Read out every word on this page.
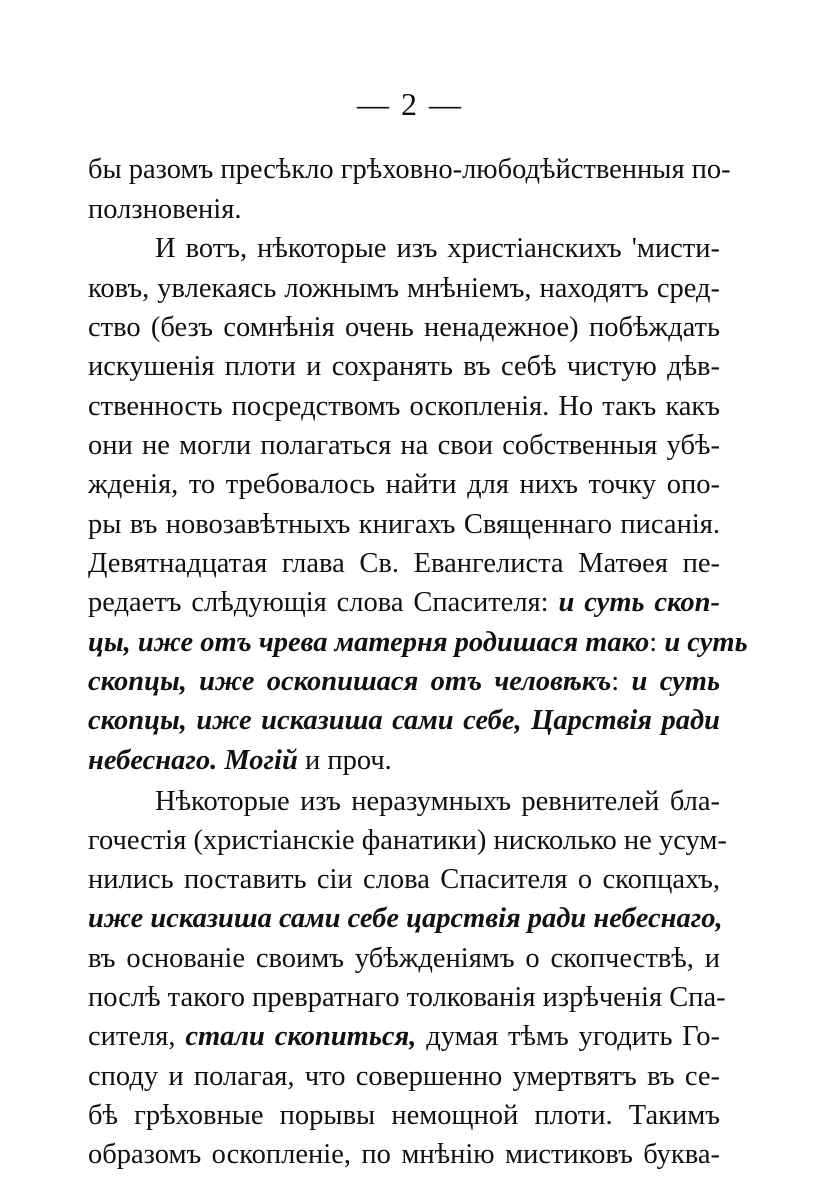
— 2 —
бы разомъ пресѣкло грѣховно-любодѣйственныя по-
ползновенія.
И вотъ, нѣкоторые изъ христіанскихъ 'мисти-
ковъ, увлекаясь ложнымъ мнѣніемъ, находятъ сред-
ство (безъ сомнѣнія очень ненадежное) побѣждать
искушенія плоти и сохранять въ себѣ чистую дѣв-
ственность посредствомъ оскопленія. Но такъ какъ
они не могли полагаться на свои собственныя убѣ-
жденія, то требовалось найти для нихъ точку опо-
ры въ новозавѣтныхъ книгахъ Священнаго писанія.
Девятнадцатая глава Св. Евангелиста Матѳея пе-
редаетъ слѣдующія слова Спасителя: и суть скоп-
цы, иже отъ чрева матерня родишася тако: и суть
скопцы, иже оскопишася отъ человѣкъ: и суть
скопцы, иже исказиша сами себе, Царствія ради
небеснаго. Могій и проч.
Нѣкоторые изъ неразумныхъ ревнителей бла-
гочестія (христіанскіе фанатики) нисколько не усум-
нились поставить сіи слова Спасителя о скопцахъ,
иже исказиша сами себе царствія ради небеснаго,
въ основаніе своимъ убѣжденіямъ о скопчествѣ, и
послѣ такого превратнаго толкованія изрѣченія Спа-
сителя, стали скопиться, думая тѣмъ угодить Го-
споду и полагая, что совершенно умертвятъ въ се-
бѣ грѣховные порывы немощной плоти. Такимъ
образомъ оскопленіе, по мнѣнію мистиковъ буква-
